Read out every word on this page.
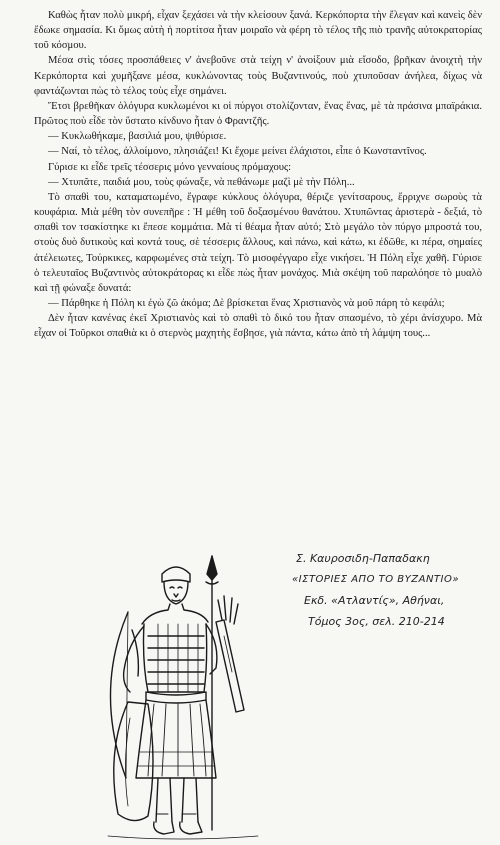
Καθὼς ἦταν πολὺ μικρή, εἶχαν ξεχάσει νὰ τὴν κλείσουν ξανά. Κερκόπορτα τὴν ἔλεγαν καὶ κανεὶς δὲν ἔδωκε σημασία. Κι ὅμως αὐτὴ ἡ πορτίτσα ἦταν μοιραῖο νὰ φέρη τὸ τέλος τῆς πιὸ τρανῆς αὐτοκρατορίας τοῦ κόσμου.

Μέσα στὶς τόσες προσπάθειες ν' ἀνεβοῦνε στὰ τείχη ν' ἀνοίξουν μιὰ εἴσοδο, βρῆκαν ἀνοιχτὴ τὴν Κερκόπορτα καὶ χυμῆξανε μέσα, κυκλώνοντας τοὺς Βυζαντινούς, ποὺ χτυποῦσαν ἀνήλεα, δίχως νὰ φαντάζωνται πὼς τὸ τέλος τοὺς εἶχε σημάνει.

Ἔτσι βρεθῆκαν ὁλόγυρα κυκλωμένοι κι οἱ πύργοι στολίζονταν, ἕνας ἕνας, μὲ τὰ πράσινα μπαϊράκια. Πρῶτος ποὺ εἶδε τὸν ὕστατο κίνδυνο ἦταν ὁ Φραντζῆς.

— Κυκλωθήκαμε, βασιλιά μου, ψιθύρισε.

— Ναί, τὸ τέλος, ἀλλοίμονο, πλησιάζει! Κι ἔχομε μείνει ἐλάχιστοι, εἶπε ὁ Κωνσταντῖνος.

Γύρισε κι εἶδε τρεῖς τέσσερις μόνο γενναίους πρόμαχους:

— Χτυπᾶτε, παιδιά μου, τοὺς φώναξε, νὰ πεθάνωμε μαζὶ μὲ τὴν Πόλη...

Τὸ σπαθὶ του, καταματωμένο, ἔγραφε κύκλους ὁλόγυρα, θέριζε γενίτσαρους, ἔρριχνε σωροὺς τὰ κουφάρια. Μιὰ μέθη τὸν συνεπῆρε : Ἡ μέθη τοῦ δοξασμένου θανάτου. Χτυπῶντας ἀριστερὰ - δεξιά, τὸ σπαθὶ τον τσακίστηκε κι ἔπεσε κομμάτια. Μὰ τί θέαμα ἦταν αὐτό; Στὸ μεγάλο τὸν πύργο μπροστά του, στοὺς δυὸ δυτικοὺς καὶ κοντά τους, σὲ τέσσερις ἄλλους, καὶ πάνω, καὶ κάτω, κι ἐδῶθε, κι πέρα, σημαίες ἀτέλειωτες, Τούρκικες, καρφωμένες στὰ τείχη. Τὸ μισοφέγγαρο εἶχε νικήσει. Ἡ Πόλη εἶχε χαθῆ. Γύρισε ὁ τελευταῖος Βυζαντινὸς αὐτοκράτορας κι εἶδε πὼς ἦταν μονάχος. Μιὰ σκέψη τοῦ παραλόησε τὸ μυαλὸ καὶ τῇ φώναξε δυνατά:

— Πάρθηκε ἡ Πόλη κι ἐγὼ ζῶ ἀκόμα; Δὲ βρίσκεται ἕνας Χριστιανὸς νὰ μοῦ πάρη τὸ κεφάλι;

Δὲν ἦταν κανένας ἐκεῖ Χριστιανὸς καὶ τὸ σπαθὶ τὸ δικό του ἦταν σπασμένο, τὸ χέρι ἀνίσχυρο. Μὰ εἶχαν οἱ Τοῦρκοι σπαθιὰ κι ὁ στερνὸς μαχητὴς ἔσβησε, γιὰ πάντα, κάτω ἀπὸ τὴ λάμψη τους...

Σ. Καυροσιδη-Παπαδακη
«ΙΣΤΟΡΙΕΣ ΑΠΟ ΤΟ ΒΥΖΑΝΤΙΟ»
Εκδ. «Ατλαντίς», Αθήναι,
Τόμος 3ος, σελ. 210-214
